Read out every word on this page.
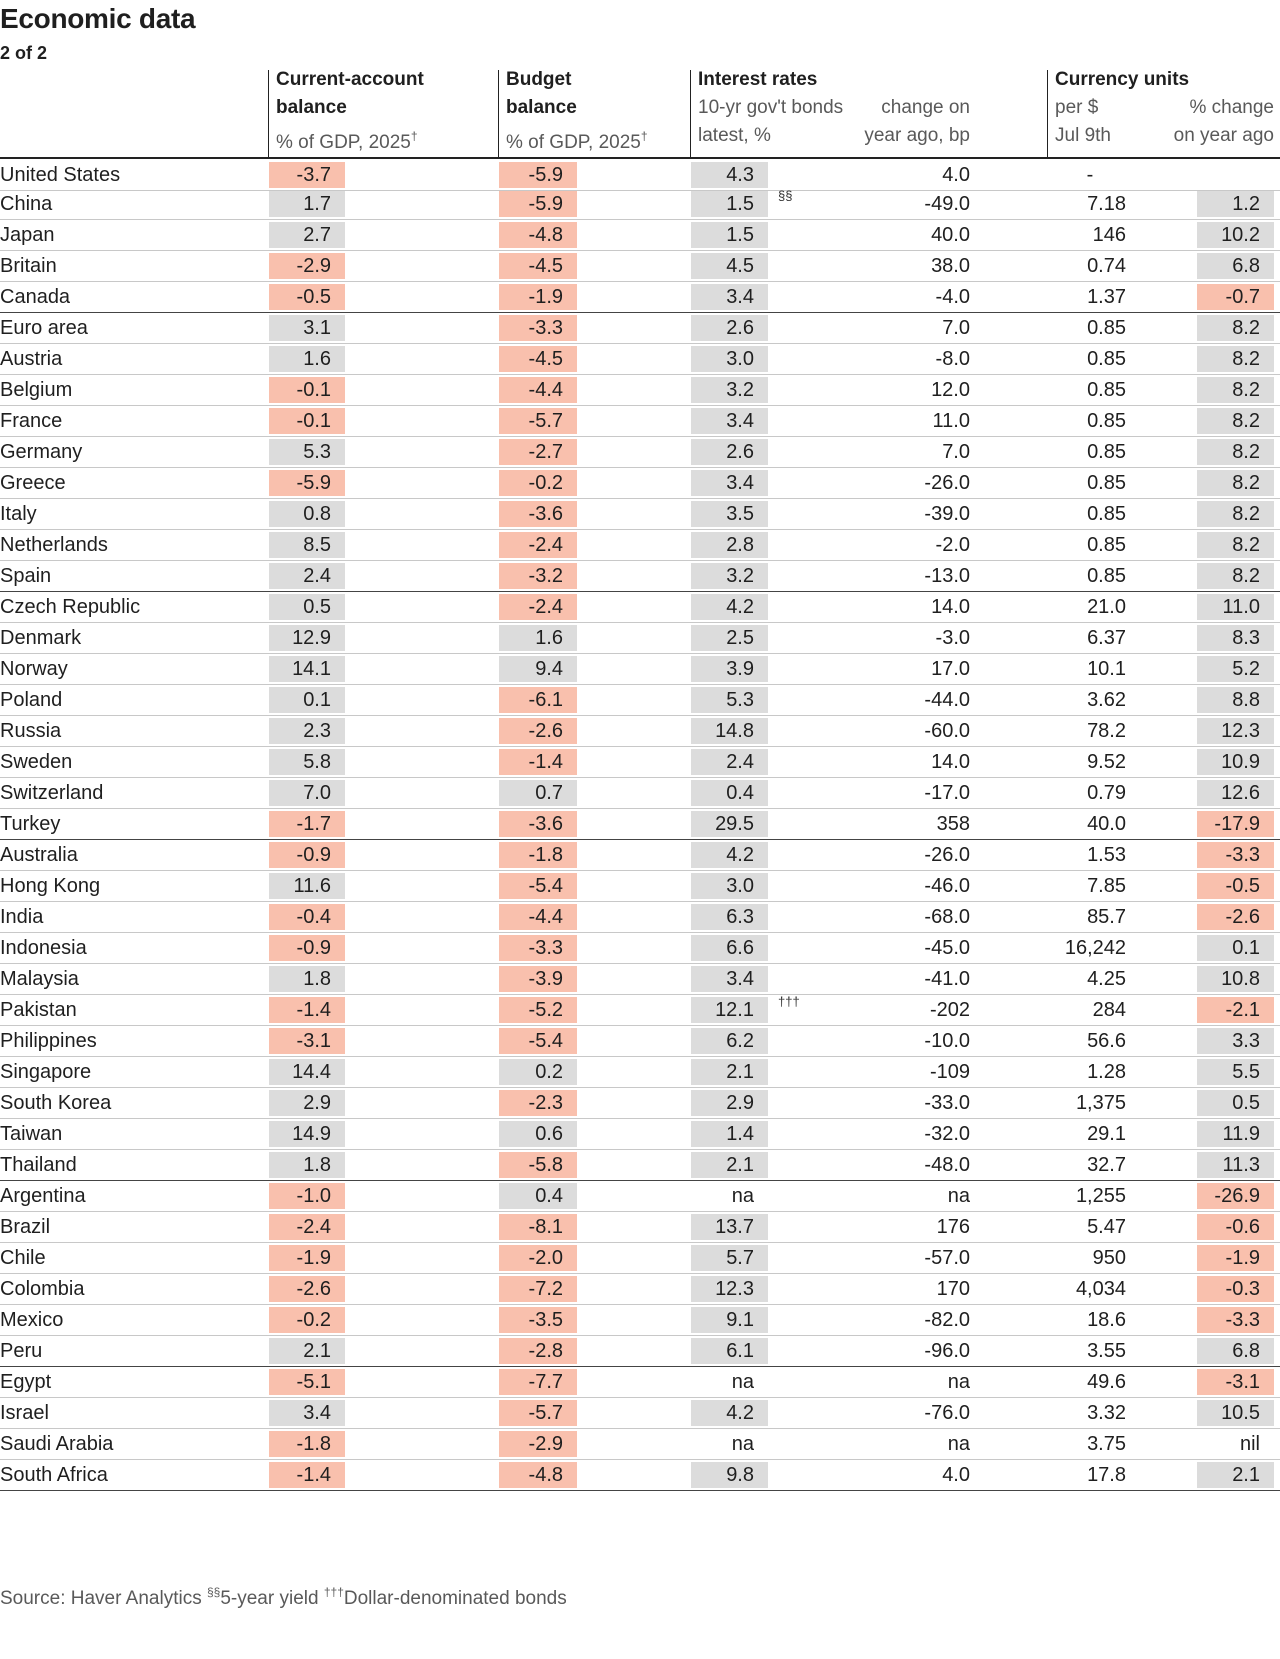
Economic data
2 of 2
Current-account
balance
% of GDP, 2025†
Budget
balance
% of GDP, 2025†
Interest rates
10-yr gov't bonds
latest, %
change on
year ago, bp
Currency units
per $
Jul 9th
% change
on year ago
United States	-3.7	-5.9	4.3	4.0	-
China	1.7	-5.9	1.5	§§	-49.0	7.18	1.2
Japan	2.7	-4.8	1.5	40.0	146	10.2
Britain	-2.9	-4.5	4.5	38.0	0.74	6.8
Canada	-0.5	-1.9	3.4	-4.0	1.37	-0.7
Euro area	3.1	-3.3	2.6	7.0	0.85	8.2
Austria	1.6	-4.5	3.0	-8.0	0.85	8.2
Belgium	-0.1	-4.4	3.2	12.0	0.85	8.2
France	-0.1	-5.7	3.4	11.0	0.85	8.2
Germany	5.3	-2.7	2.6	7.0	0.85	8.2
Greece	-5.9	-0.2	3.4	-26.0	0.85	8.2
Italy	0.8	-3.6	3.5	-39.0	0.85	8.2
Netherlands	8.5	-2.4	2.8	-2.0	0.85	8.2
Spain	2.4	-3.2	3.2	-13.0	0.85	8.2
Czech Republic	0.5	-2.4	4.2	14.0	21.0	11.0
Denmark	12.9	1.6	2.5	-3.0	6.37	8.3
Norway	14.1	9.4	3.9	17.0	10.1	5.2
Poland	0.1	-6.1	5.3	-44.0	3.62	8.8
Russia	2.3	-2.6	14.8	-60.0	78.2	12.3
Sweden	5.8	-1.4	2.4	14.0	9.52	10.9
Switzerland	7.0	0.7	0.4	-17.0	0.79	12.6
Turkey	-1.7	-3.6	29.5	358	40.0	-17.9
Australia	-0.9	-1.8	4.2	-26.0	1.53	-3.3
Hong Kong	11.6	-5.4	3.0	-46.0	7.85	-0.5
India	-0.4	-4.4	6.3	-68.0	85.7	-2.6
Indonesia	-0.9	-3.3	6.6	-45.0	16,242	0.1
Malaysia	1.8	-3.9	3.4	-41.0	4.25	10.8
Pakistan	-1.4	-5.2	12.1	†††	-202	284	-2.1
Philippines	-3.1	-5.4	6.2	-10.0	56.6	3.3
Singapore	14.4	0.2	2.1	-109	1.28	5.5
South Korea	2.9	-2.3	2.9	-33.0	1,375	0.5
Taiwan	14.9	0.6	1.4	-32.0	29.1	11.9
Thailand	1.8	-5.8	2.1	-48.0	32.7	11.3
Argentina	-1.0	0.4	na	na	1,255	-26.9
Brazil	-2.4	-8.1	13.7	176	5.47	-0.6
Chile	-1.9	-2.0	5.7	-57.0	950	-1.9
Colombia	-2.6	-7.2	12.3	170	4,034	-0.3
Mexico	-0.2	-3.5	9.1	-82.0	18.6	-3.3
Peru	2.1	-2.8	6.1	-96.0	3.55	6.8
Egypt	-5.1	-7.7	na	na	49.6	-3.1
Israel	3.4	-5.7	4.2	-76.0	3.32	10.5
Saudi Arabia	-1.8	-2.9	na	na	3.75	nil
South Africa	-1.4	-4.8	9.8	4.0	17.8	2.1
Source: Haver Analytics §§5-year yield †††Dollar-denominated bonds
